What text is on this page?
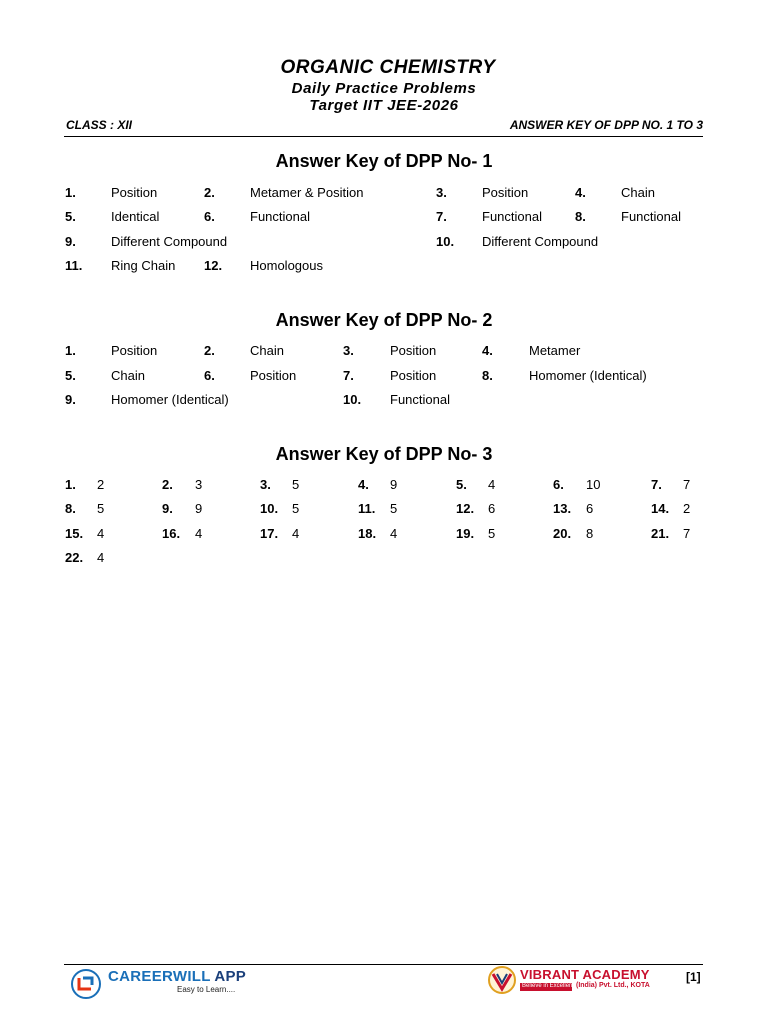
ORGANIC CHEMISTRY
Daily Practice Problems
Target IIT JEE-2026
CLASS : XII	ANSWER KEY OF DPP NO. 1 TO 3
Answer Key of DPP No- 1
1.	Position	2.	Metamer & Position	3.	Position	4.	Chain
5.	Identical	6.	Functional	7.	Functional	8.	Functional
9.	Different Compound	10. Different Compound
11. Ring Chain 12. Homologous
Answer Key of DPP No- 2
1.	Position	2.	Chain	3.	Position	4.	Metamer
5.	Chain	6.	Position	7.	Position	8.	Homomer (Identical)
9.	Homomer (Identical)	10. Functional
Answer Key of DPP No- 3
1. 2	2. 3	3. 5	4. 9	5. 4	6. 10	7. 7
8. 5	9. 9	10. 5	11. 5	12. 6	13. 6	14. 2
15. 4	16. 4	17. 4	18. 4	19. 5	20. 8	21. 7
22. 4
CAREERWILL APP
Easy to Learn....
VIBRANT ACADEMY
Believe in Excellence
(India) Pvt. Ltd., KOTA
[1]
